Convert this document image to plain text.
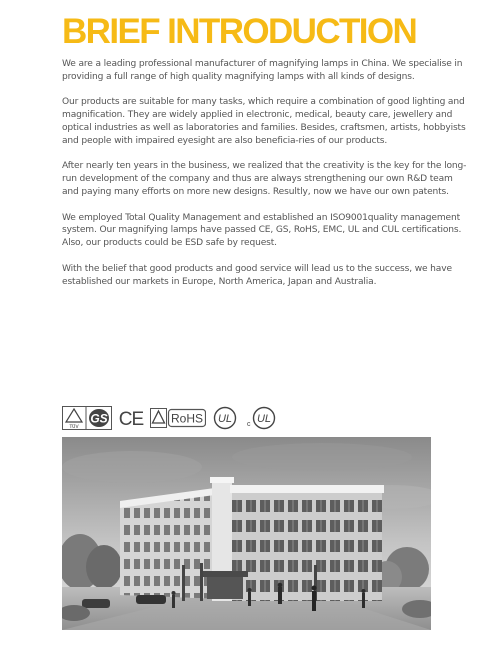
BRIEF INTRODUCTION

We are a leading professional manufacturer of magnifying lamps in China. We specialise in providing a full range of high quality magnifying lamps with all kinds of designs.

Our products are suitable for many tasks, which require a combination of good lighting and magnification. They are widely applied in electronic, medical, beauty care, jewellery and optical industries as well as laboratories and families. Besides, craftsmen, artists, hobbyists and people with impaired eyesight are also beneficia-ries of our products.

After nearly ten years in the business, we realized that the creativity is the key for the long-run development of the company and thus are always strengthening our own R&D team and paying many efforts on more new designs. Resultly, now we have our own patents.

We employed Total Quality Management and established an ISO9001quality management system. Our magnifying lamps have passed CE, GS, RoHS, EMC, UL and CUL certifications. Also, our products could be ESD safe by request.

With the belief that good products and good service will lead us to the success, we have established our markets in Europe, North America, Japan and Australia.

TÜV
GS CE RoHS UL c UL
